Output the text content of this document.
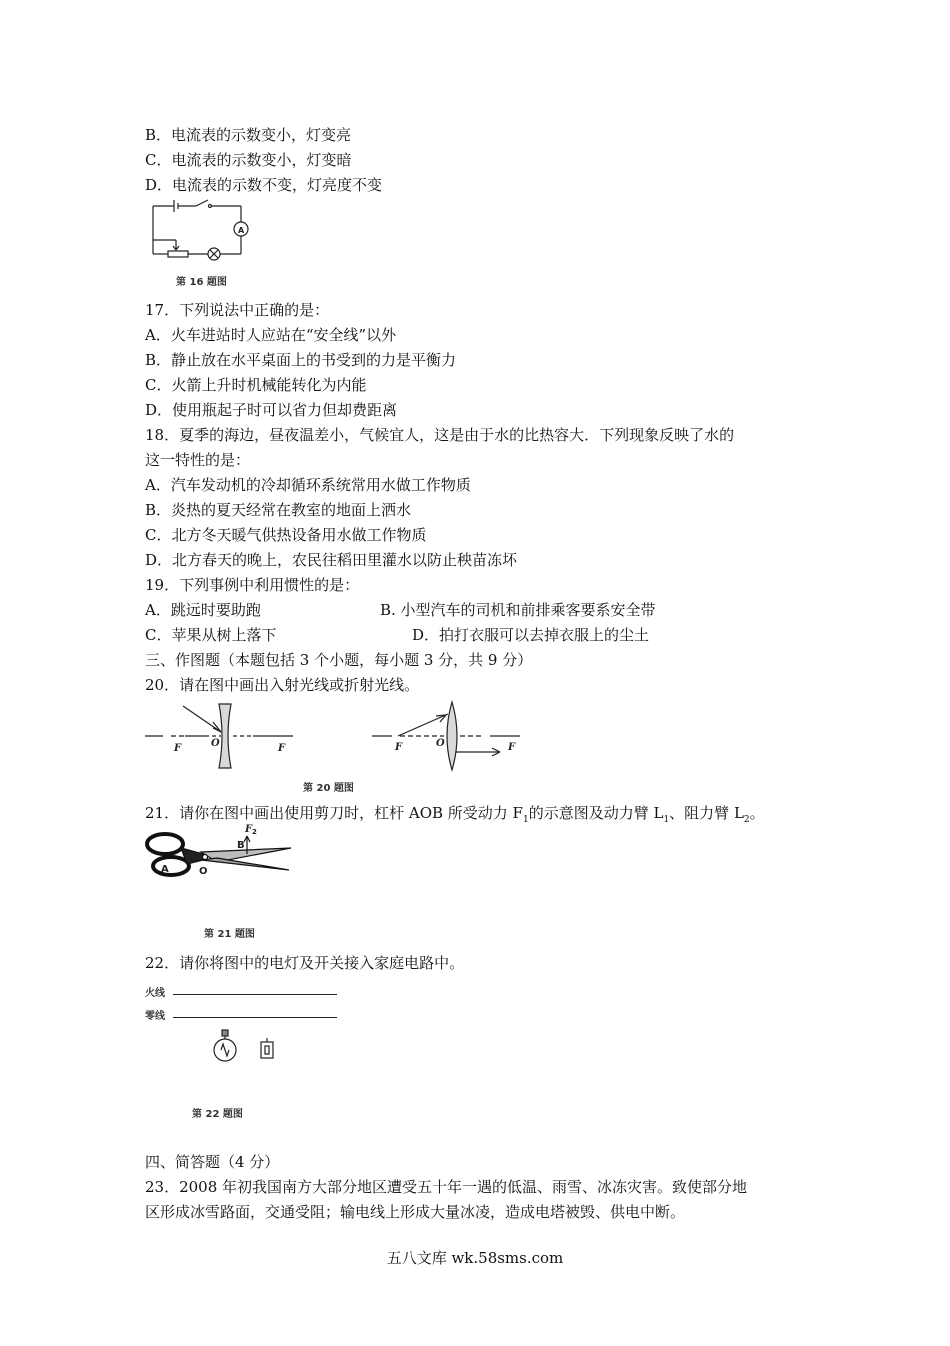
B．电流表的示数变小，灯变亮
C．电流表的示数变小，灯变暗
D．电流表的示数不变，灯亮度不变
A
第 16 题图
17．下列说法中正确的是：
A．火车进站时人应站在“安全线”以外
B．静止放在水平桌面上的书受到的力是平衡力
C．火箭上升时机械能转化为内能
D．使用瓶起子时可以省力但却费距离
18．夏季的海边，昼夜温差小，气候宜人，这是由于水的比热容大．下列现象反映了水的
这一特性的是：
A．汽车发动机的冷却循环系统常用水做工作物质
B．炎热的夏天经常在教室的地面上洒水
C．北方冬天暖气供热设备用水做工作物质
D．北方春天的晚上，农民往稻田里灌水以防止秧苗冻坏
19．下列事例中利用惯性的是：
A．跳远时要助跑	B. 小型汽车的司机和前排乘客要系安全带
C．苹果从树上落下	D．拍打衣服可以去掉衣服上的尘土
三、作图题（本题包括 3 个小题，每小题 3 分，共 9 分）
20．请在图中画出入射光线或折射光线。
F	O	F	F	O	F
第 20 题图
21．请你在图中画出使用剪刀时，杠杆 AOB 所受动力 $F_1$的示意图及动力臂 $L_1$、阻力臂 $L_2$。
F 2
B
A	O
第 21 题图
22．请你将图中的电灯及开关接入家庭电路中。
火线
零线
第 22 题图
四、简答题（4 分）
23．2008 年初我国南方大部分地区遭受五十年一遇的低温、雨雪、冰冻灾害。致使部分地
区形成冰雪路面，交通受阻；输电线上形成大量冰凌，造成电塔被毁、供电中断。
五八文库 wk.58sms.com
